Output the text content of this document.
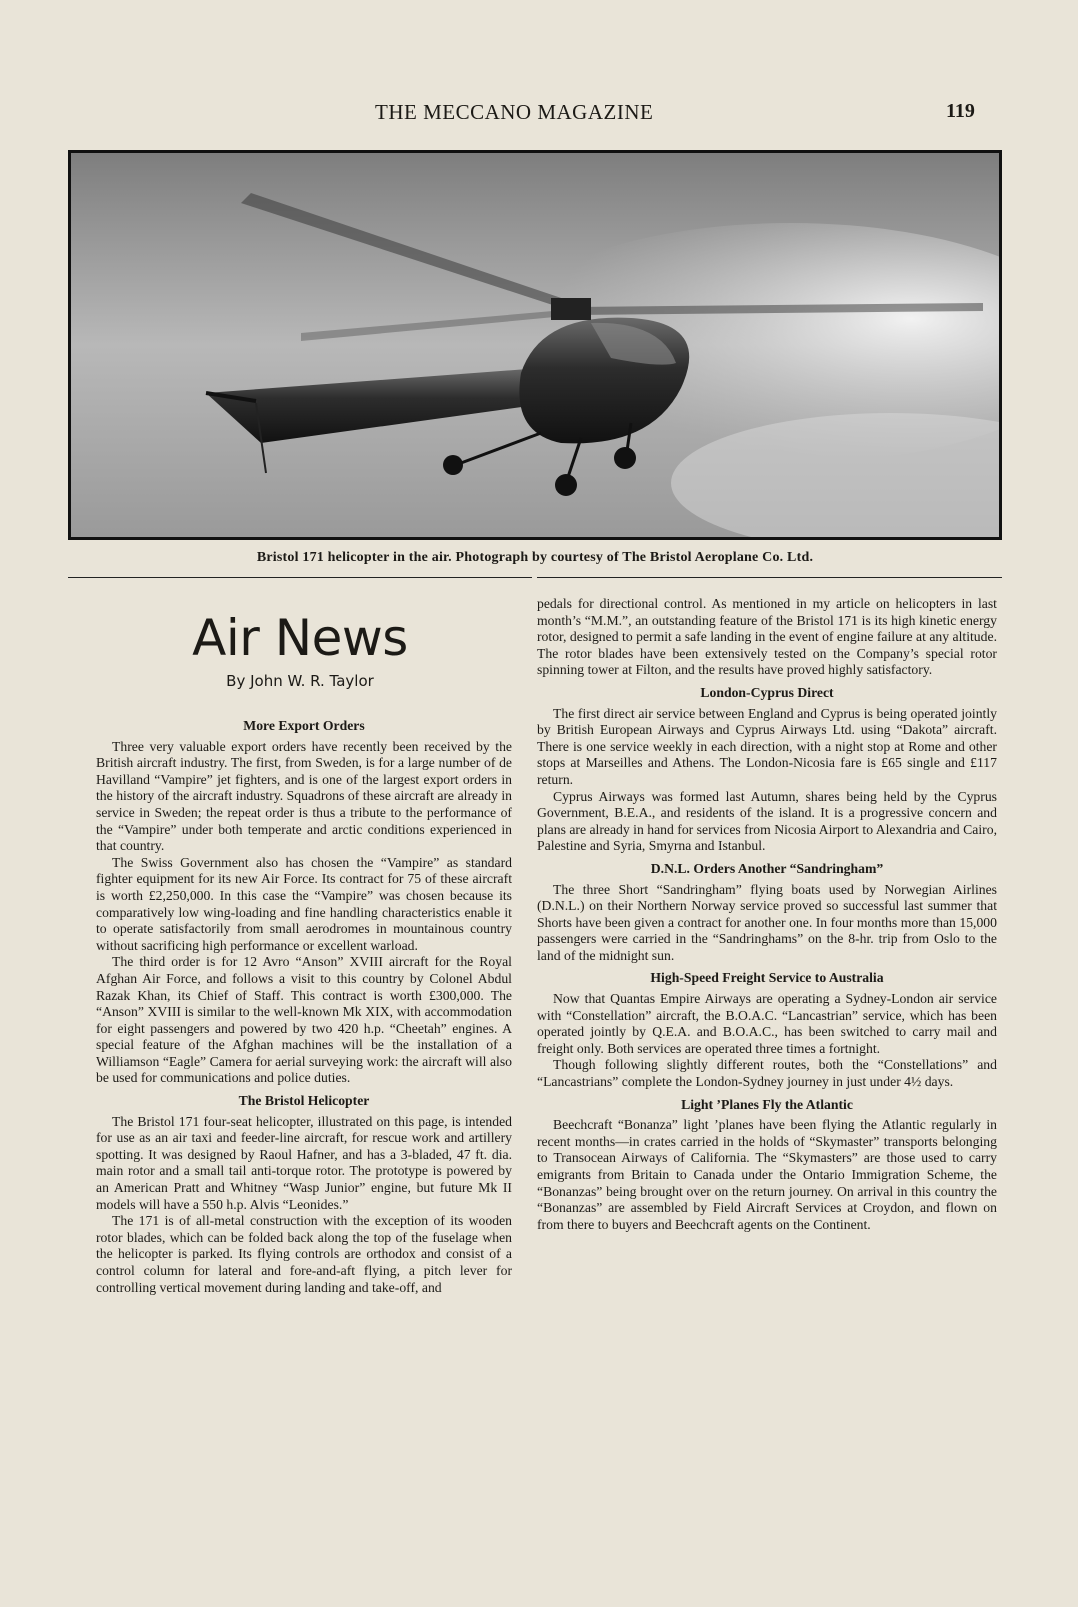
THE MECCANO MAGAZINE	119
Bristol 171 helicopter in the air. Photograph by courtesy of The Bristol Aeroplane Co. Ltd.
Air News
By John W. R. Taylor
More Export Orders

Three very valuable export orders have recently been received by the British aircraft industry. The first, from Sweden, is for a large number of de Havilland “Vampire” jet fighters, and is one of the largest export orders in the history of the aircraft industry. Squadrons of these aircraft are already in service in Sweden; the repeat order is thus a tribute to the performance of the “Vampire” under both temperate and arctic conditions experienced in that country.

The Swiss Government also has chosen the “Vampire” as standard fighter equipment for its new Air Force. Its contract for 75 of these aircraft is worth £2,250,000. In this case the “Vampire” was chosen because its comparatively low wing-loading and fine handling characteristics enable it to operate satisfactorily from small aerodromes in mountainous country without sacrificing high performance or excellent warload.

The third order is for 12 Avro “Anson” XVIII aircraft for the Royal Afghan Air Force, and follows a visit to this country by Colonel Abdul Razak Khan, its Chief of Staff. This contract is worth £300,000. The “Anson” XVIII is similar to the well-known Mk XIX, with accommodation for eight passengers and powered by two 420 h.p. “Cheetah” engines. A special feature of the Afghan machines will be the installation of a Williamson “Eagle” Camera for aerial surveying work: the aircraft will also be used for communications and police duties.

The Bristol Helicopter

The Bristol 171 four-seat helicopter, illustrated on this page, is intended for use as an air taxi and feeder-line aircraft, for rescue work and artillery spotting. It was designed by Raoul Hafner, and has a 3-bladed, 47 ft. dia. main rotor and a small tail anti-torque rotor. The prototype is powered by an American Pratt and Whitney “Wasp Junior” engine, but future Mk II models will have a 550 h.p. Alvis “Leonides.”

The 171 is of all-metal construction with the exception of its wooden rotor blades, which can be folded back along the top of the fuselage when the helicopter is parked. Its flying controls are orthodox and consist of a control column for lateral and fore-and-aft flying, a pitch lever for controlling vertical movement during landing and take-off, and

pedals for directional control. As mentioned in my article on helicopters in last month’s “M.M.”, an outstanding feature of the Bristol 171 is its high kinetic energy rotor, designed to permit a safe landing in the event of engine failure at any altitude. The rotor blades have been extensively tested on the Company’s special rotor spinning tower at Filton, and the results have proved highly satisfactory.

London-Cyprus Direct

The first direct air service between England and Cyprus is being operated jointly by British European Airways and Cyprus Airways Ltd. using “Dakota” aircraft. There is one service weekly in each direction, with a night stop at Rome and other stops at Marseilles and Athens. The London-Nicosia fare is £65 single and £117 return.

Cyprus Airways was formed last Autumn, shares being held by the Cyprus Government, B.E.A., and residents of the island. It is a progressive concern and plans are already in hand for services from Nicosia Airport to Alexandria and Cairo, Palestine and Syria, Smyrna and Istanbul.

D.N.L. Orders Another “Sandringham”

The three Short “Sandringham” flying boats used by Norwegian Airlines (D.N.L.) on their Northern Norway service proved so successful last summer that Shorts have been given a contract for another one. In four months more than 15,000 passengers were carried in the “Sandringhams” on the 8-hr. trip from Oslo to the land of the midnight sun.

High-Speed Freight Service to Australia

Now that Quantas Empire Airways are operating a Sydney-London air service with “Constellation” aircraft, the B.O.A.C. “Lancastrian” service, which has been operated jointly by Q.E.A. and B.O.A.C., has been switched to carry mail and freight only. Both services are operated three times a fortnight.

Though following slightly different routes, both the “Constellations” and “Lancastrians” complete the London-Sydney journey in just under 4½ days.

Light ’Planes Fly the Atlantic

Beechcraft “Bonanza” light ’planes have been flying the Atlantic regularly in recent months—in crates carried in the holds of “Skymaster” transports belonging to Transocean Airways of California. The “Skymasters” are those used to carry emigrants from Britain to Canada under the Ontario Immigration Scheme, the “Bonanzas” being brought over on the return journey. On arrival in this country the “Bonanzas” are assembled by Field Aircraft Services at Croydon, and flown on from there to buyers and Beechcraft agents on the Continent.
